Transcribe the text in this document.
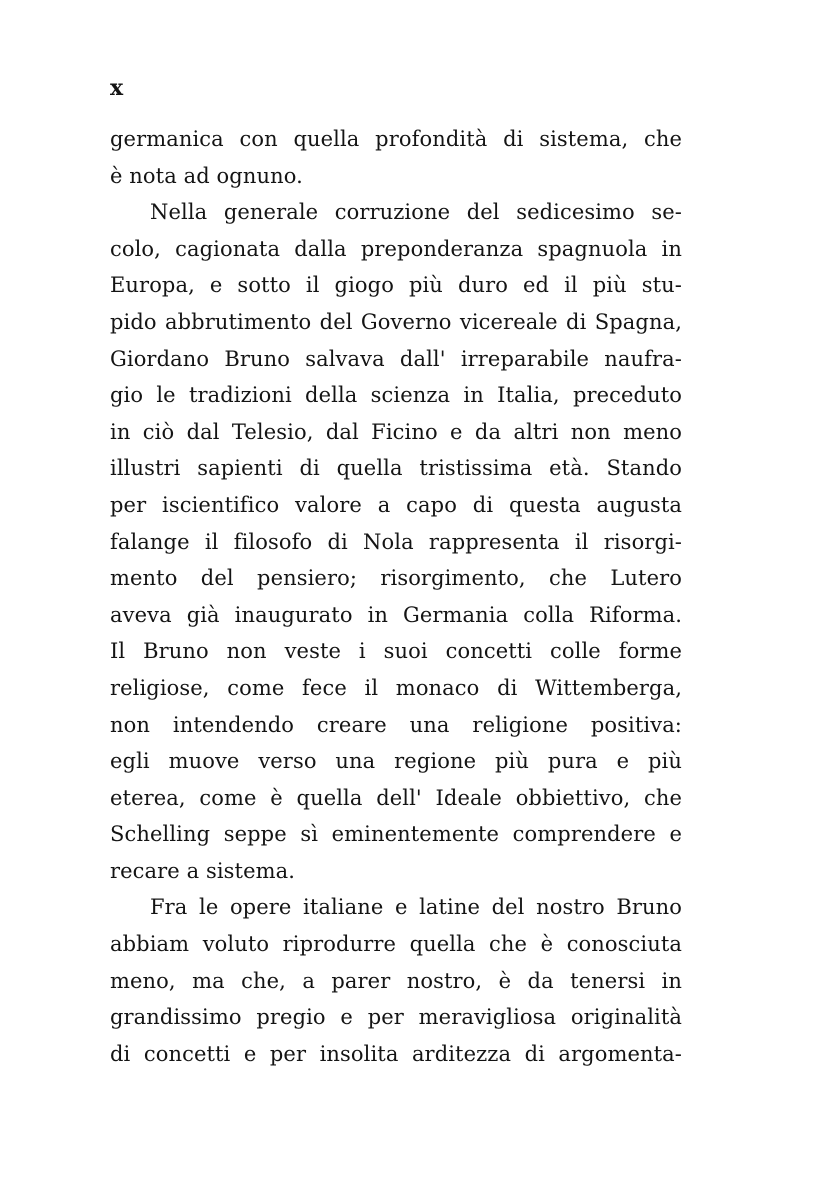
x
germanica con quella profondità di sistema, che
è nota ad ognuno.
Nella generale corruzione del sedicesimo se-
colo, cagionata dalla preponderanza spagnuola in
Europa, e sotto il giogo più duro ed il più stu-
pido abbrutimento del Governo vicereale di Spagna,
Giordano Bruno salvava dall' irreparabile naufra-
gio le tradizioni della scienza in Italia, preceduto
in ciò dal Telesio, dal Ficino e da altri non meno
illustri sapienti di quella tristissima età. Stando
per iscientifico valore a capo di questa augusta
falange il filosofo di Nola rappresenta il risorgi-
mento del pensiero; risorgimento, che Lutero
aveva già inaugurato in Germania colla Riforma.
Il Bruno non veste i suoi concetti colle forme
religiose, come fece il monaco di Wittemberga,
non intendendo creare una religione positiva:
egli muove verso una regione più pura e più
eterea, come è quella dell' Ideale obbiettivo, che
Schelling seppe sì eminentemente comprendere e
recare a sistema.
Fra le opere italiane e latine del nostro Bruno
abbiam voluto riprodurre quella che è conosciuta
meno, ma che, a parer nostro, è da tenersi in
grandissimo pregio e per meravigliosa originalità
di concetti e per insolita arditezza di argomenta-
